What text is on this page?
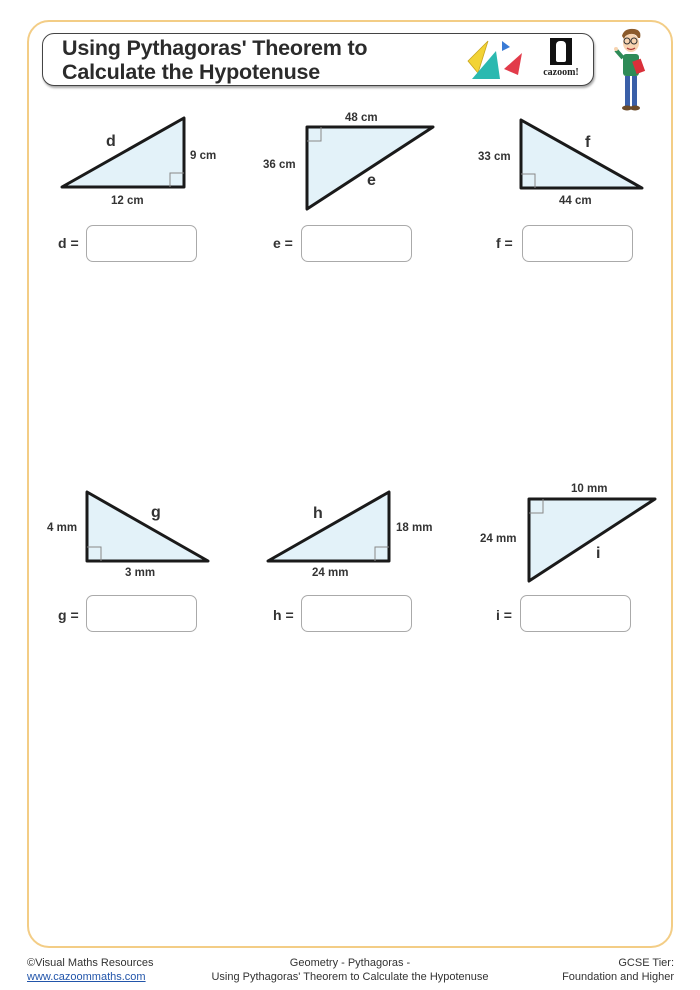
Using Pythagoras' Theorem to
Calculate the Hypotenuse	cazoom!
d
9 cm
12 cm
d =
48 cm
36 cm
e
e =
f
33 cm
44 cm
f =
g
4 mm
3 mm
g =
h
18 mm
24 mm
h =
10 mm
24 mm
i
i =
©Visual Maths Resources
www.cazoommaths.com
Geometry - Pythagoras -
Using Pythagoras' Theorem to Calculate the Hypotenuse
GCSE Tier:
Foundation and Higher
